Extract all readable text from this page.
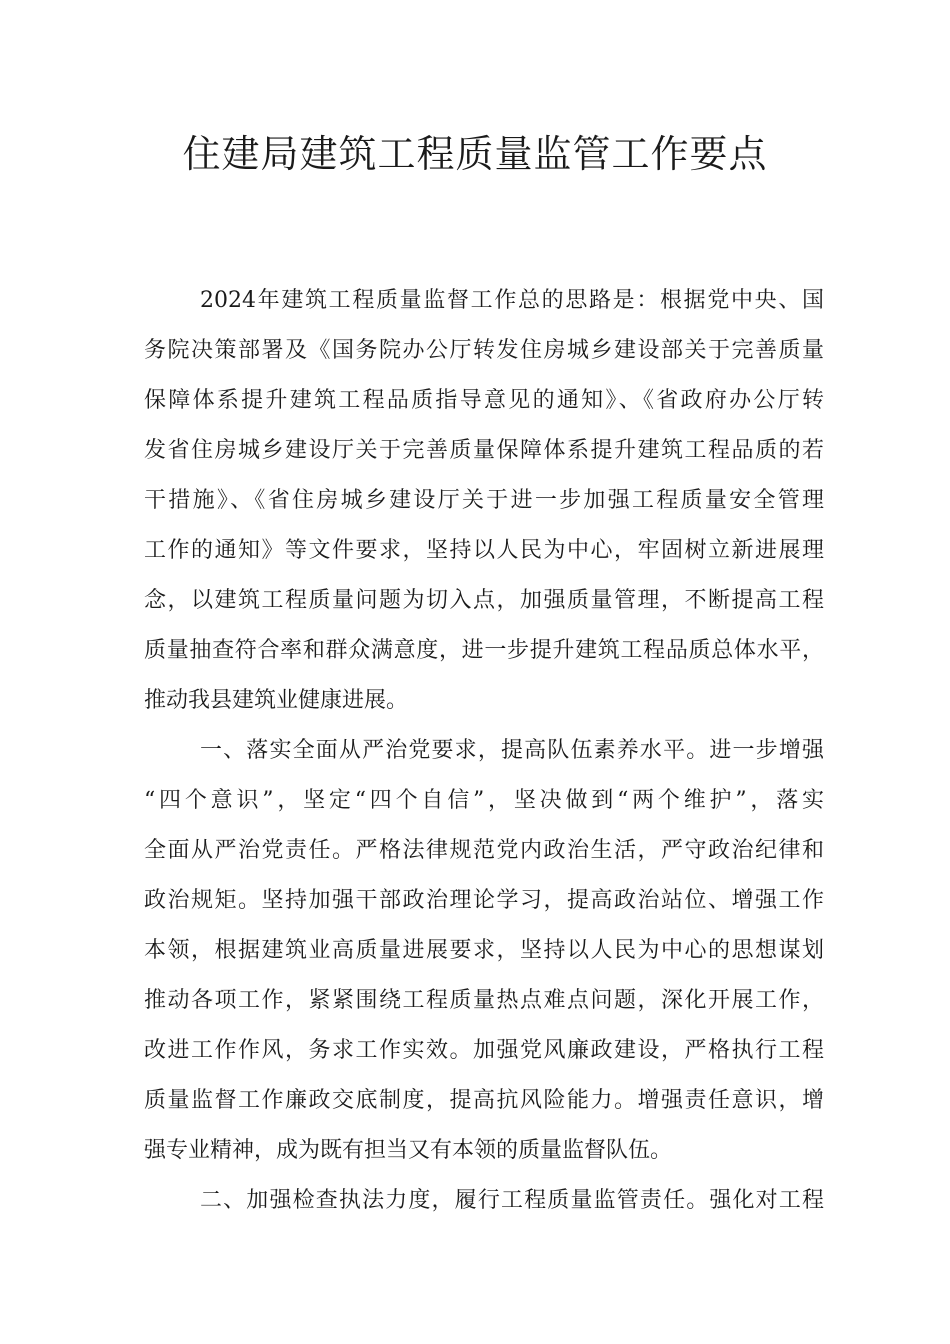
住建局建筑工程质量监管工作要点
2024年建筑工程质量监督工作总的思路是：根据党中央、国
务院决策部署及《国务院办公厅转发住房城乡建设部关于完善质量
保障体系提升建筑工程品质指导意见的通知》、《省政府办公厅转
发省住房城乡建设厅关于完善质量保障体系提升建筑工程品质的若
干措施》、《省住房城乡建设厅关于进一步加强工程质量安全管理
工作的通知》等文件要求，坚持以人民为中心，牢固树立新进展理
念，以建筑工程质量问题为切入点，加强质量管理，不断提高工程
质量抽查符合率和群众满意度，进一步提升建筑工程品质总体水平，
推动我县建筑业健康进展。
一、落实全面从严治党要求，提高队伍素养水平。进一步增强
“四个意识”，坚定“四个自信”，坚决做到“两个维护”，落实
全面从严治党责任。严格法律规范党内政治生活，严守政治纪律和
政治规矩。坚持加强干部政治理论学习，提高政治站位、增强工作
本领，根据建筑业高质量进展要求，坚持以人民为中心的思想谋划
推动各项工作，紧紧围绕工程质量热点难点问题，深化开展工作，
改进工作作风，务求工作实效。加强党风廉政建设，严格执行工程
质量监督工作廉政交底制度，提高抗风险能力。增强责任意识，增
强专业精神，成为既有担当又有本领的质量监督队伍。
二、加强检查执法力度，履行工程质量监管责任。强化对工程
